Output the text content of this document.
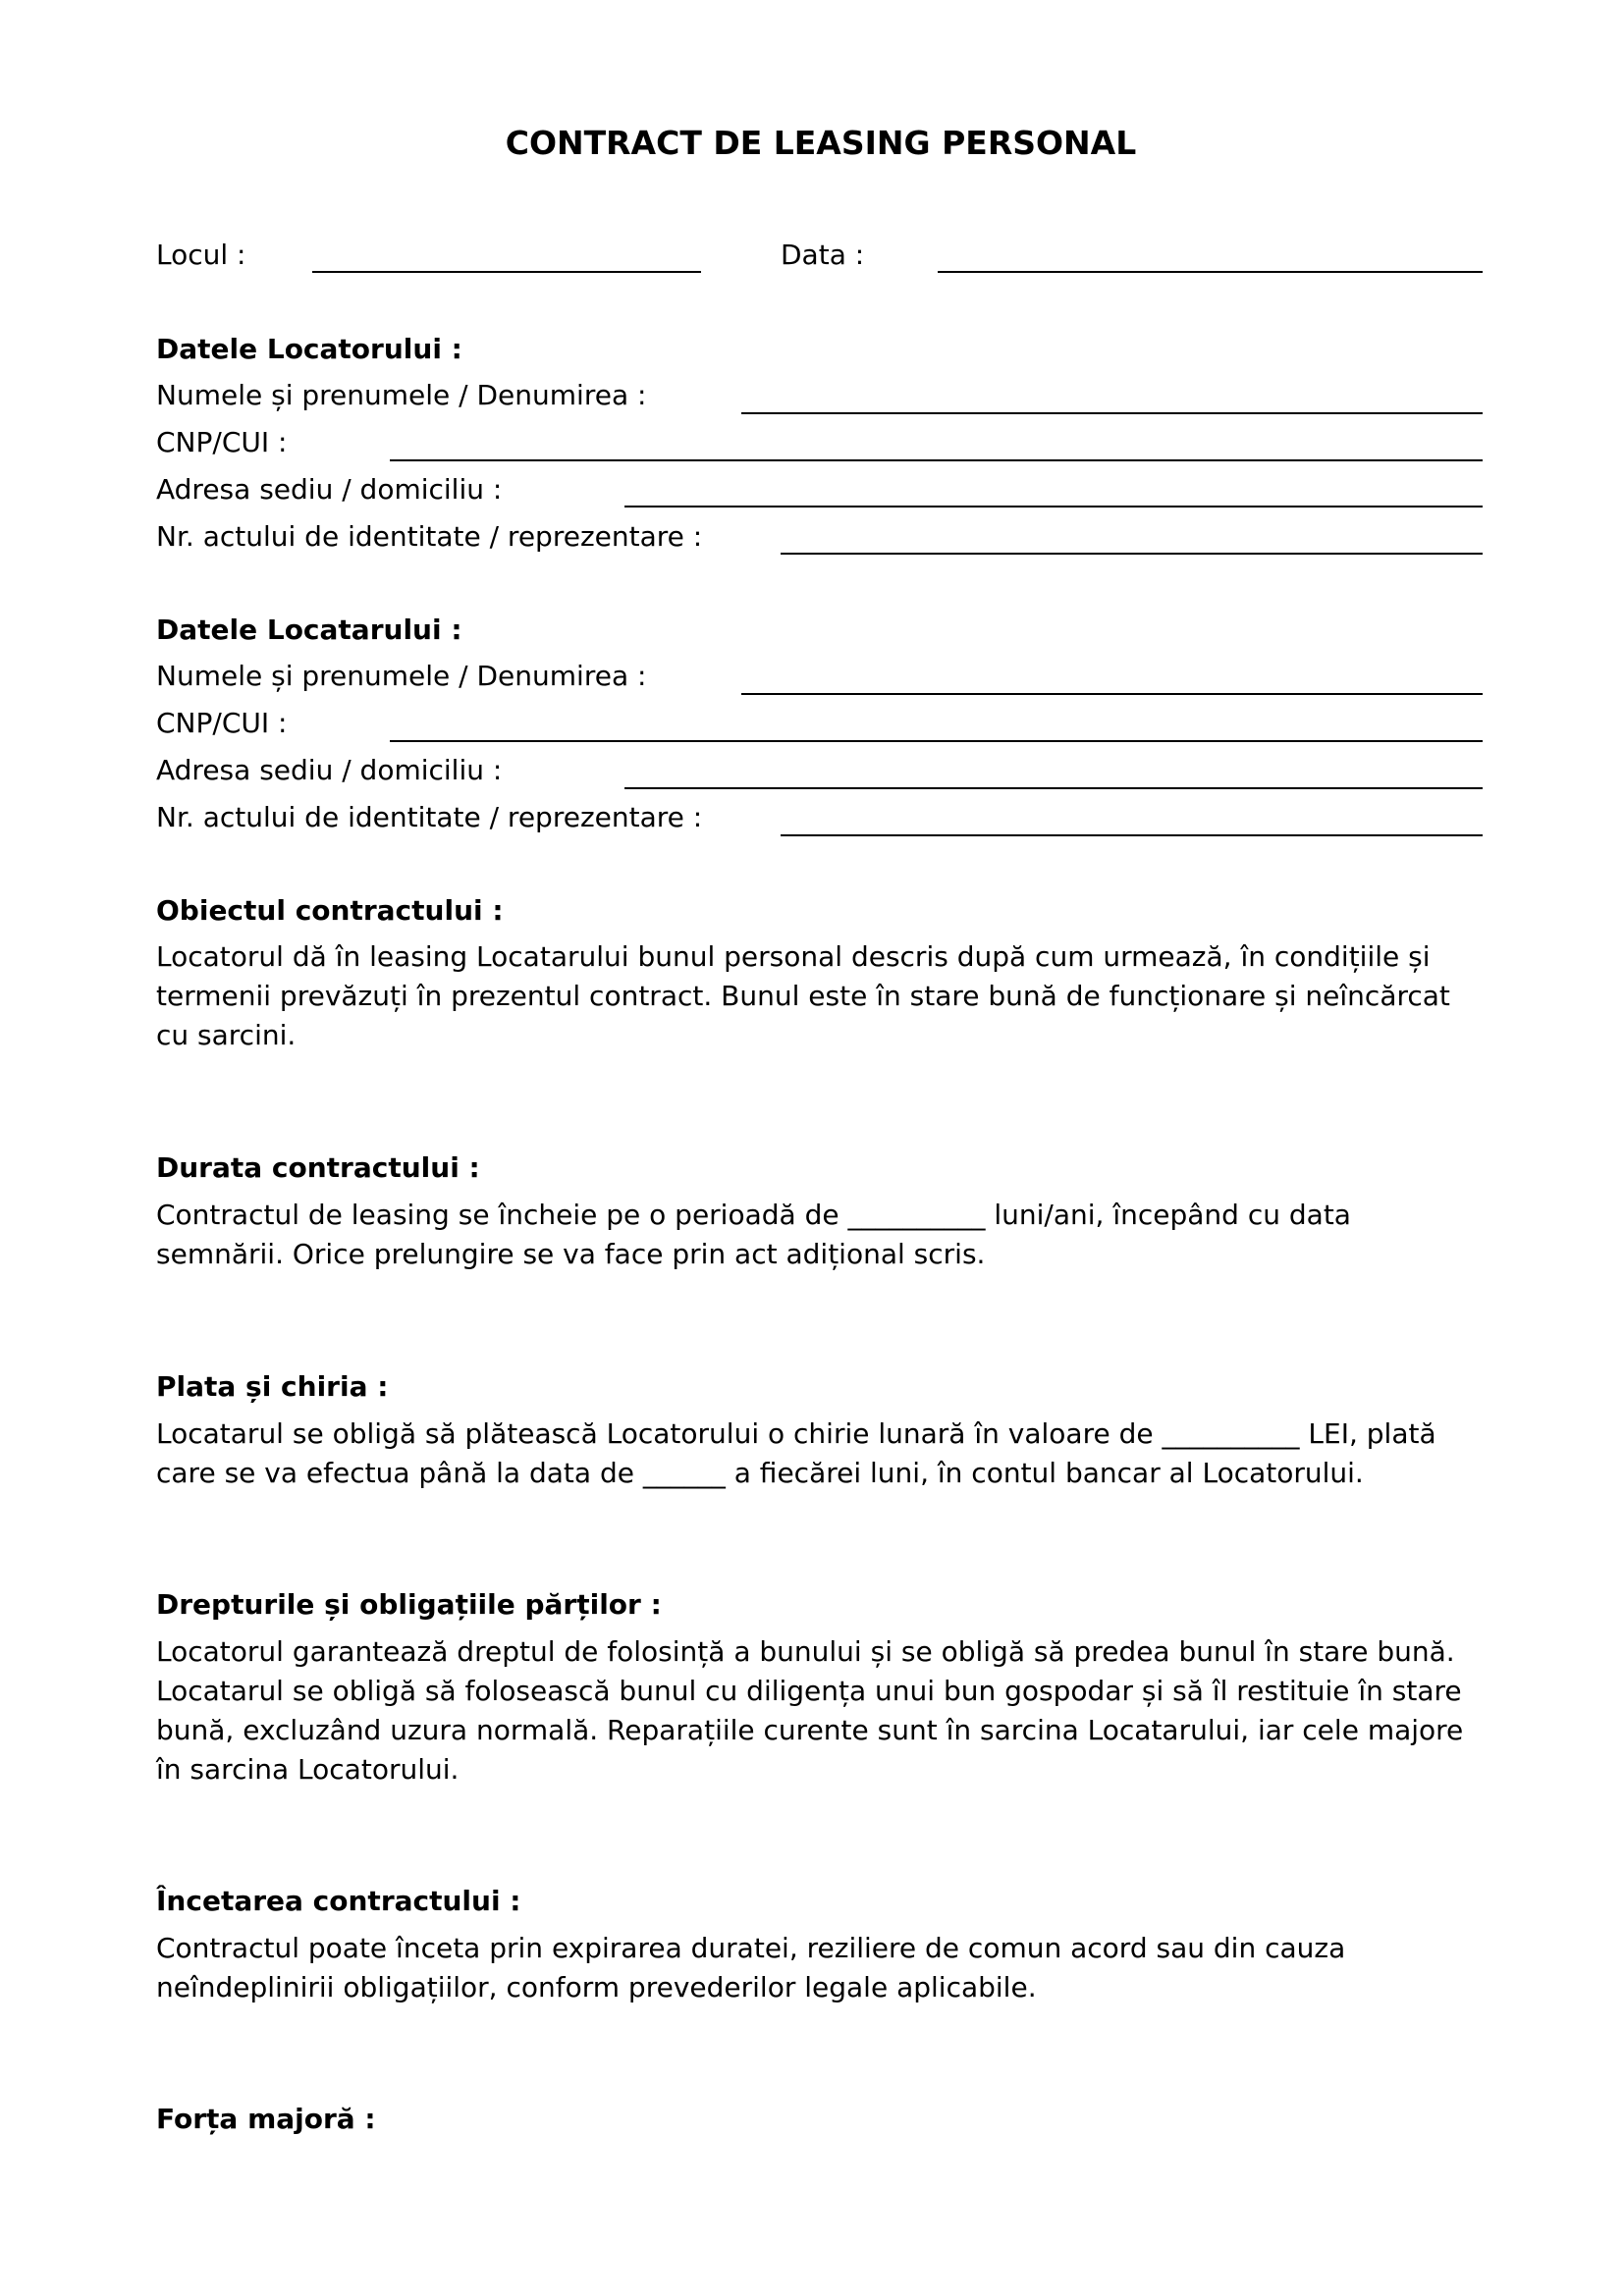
CONTRACT DE LEASING PERSONAL
Locul :	Data :
Datele Locatorului :
Numele și prenumele / Denumirea :
CNP/CUI :
Adresa sediu / domiciliu :
Nr. actului de identitate / reprezentare :
Datele Locatarului :
Numele și prenumele / Denumirea :
CNP/CUI :
Adresa sediu / domiciliu :
Nr. actului de identitate / reprezentare :
Obiectul contractului :
Locatorul dă în leasing Locatarului bunul personal descris după cum urmează, în condițiile și
termenii prevăzuți în prezentul contract. Bunul este în stare bună de funcționare și neîncărcat
cu sarcini.
Durata contractului :
Contractul de leasing se încheie pe o perioadă de __________ luni/ani, începând cu data
semnării. Orice prelungire se va face prin act adițional scris.
Plata și chiria :
Locatarul se obligă să plătească Locatorului o chirie lunară în valoare de __________ LEI, plată
care se va efectua până la data de ______ a fiecărei luni, în contul bancar al Locatorului.
Drepturile și obligațiile părților :
Locatorul garantează dreptul de folosință a bunului și se obligă să predea bunul în stare bună.
Locatarul se obligă să folosească bunul cu diligența unui bun gospodar și să îl restituie în stare
bună, excluzând uzura normală. Reparațiile curente sunt în sarcina Locatarului, iar cele majore
în sarcina Locatorului.
Încetarea contractului :
Contractul poate înceta prin expirarea duratei, reziliere de comun acord sau din cauza
neîndeplinirii obligațiilor, conform prevederilor legale aplicabile.
Forța majoră :
